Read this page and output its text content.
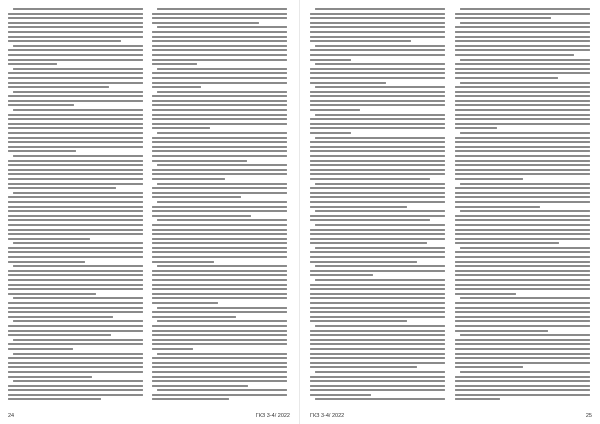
24	ГКЗ 3-4/ 2022	ГКЗ 3-4/ 2022	25
